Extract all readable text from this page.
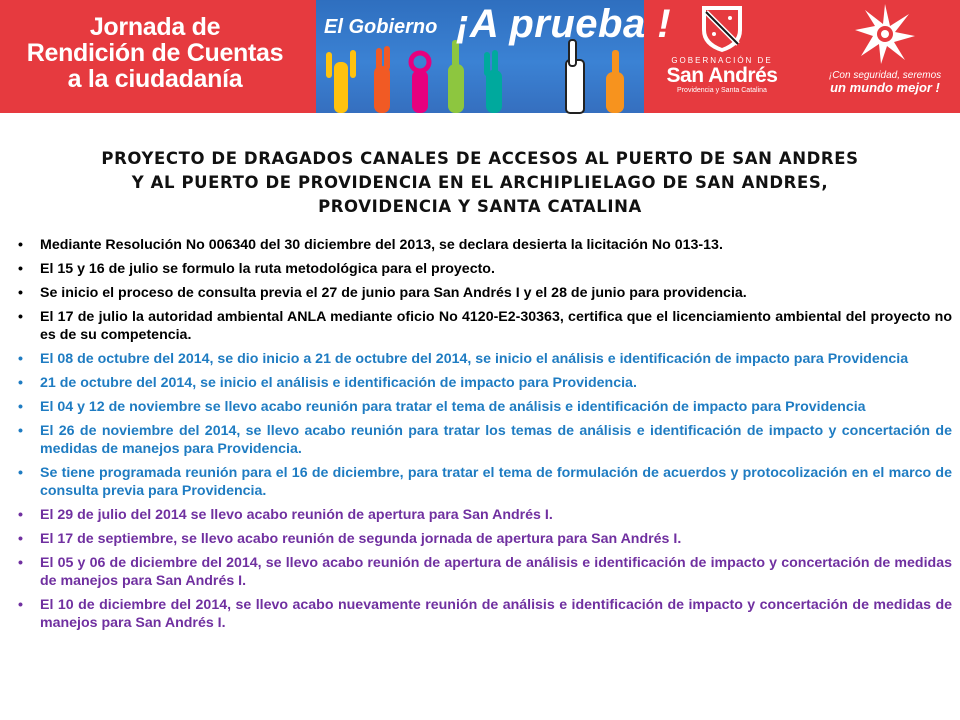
Jornada de
Rendición de Cuentas
a la ciudadanía
El Gobierno ¡A prueba !
GOBERNACIÓN DE
San Andrés
Providencia y Santa Catalina
¡Con seguridad, seremos
un mundo mejor !
PROYECTO DE DRAGADOS CANALES DE ACCESOS AL PUERTO DE SAN ANDRES
Y AL PUERTO DE PROVIDENCIA EN EL ARCHIPLIELAGO DE SAN ANDRES,
PROVIDENCIA Y SANTA CATALINA
•	Mediante Resolución No 006340 del 30 diciembre del 2013, se declara desierta la licitación No 013-13.
•	El 15 y 16 de julio se formulo la ruta metodológica para el proyecto.
•	Se inicio el proceso de consulta previa el 27 de junio para San Andrés I y el 28 de junio para providencia.
•	El 17 de julio la autoridad ambiental ANLA mediante oficio No 4120-E2-30363, certifica que el licenciamiento ambiental del proyecto no es de su competencia.
•	El 08 de octubre del 2014, se dio inicio a 21 de octubre del 2014, se inicio el análisis e identificación de impacto para Providencia
•	21 de octubre del 2014, se inicio el análisis e identificación de impacto para Providencia.
•	El 04 y 12 de noviembre se llevo acabo reunión para tratar el tema de análisis e identificación de impacto para Providencia
•	El 26 de noviembre del 2014, se llevo acabo reunión para tratar los temas de análisis e identificación de impacto y concertación de medidas de manejos para Providencia.
•	Se tiene programada reunión para el 16 de diciembre, para tratar el tema de formulación de acuerdos y protocolización en el marco de consulta previa para Providencia.
•	El 29 de julio del 2014 se llevo acabo reunión de apertura para San Andrés I.
•	El 17 de septiembre, se llevo acabo reunión de segunda jornada de apertura para San Andrés I.
•	El 05 y 06 de diciembre del 2014, se llevo acabo reunión de apertura de análisis e identificación de impacto y concertación de medidas de manejos para San Andrés I.
•	El 10 de diciembre del 2014, se llevo acabo nuevamente reunión de análisis e identificación de impacto y concertación de medidas de manejos para San Andrés I.
